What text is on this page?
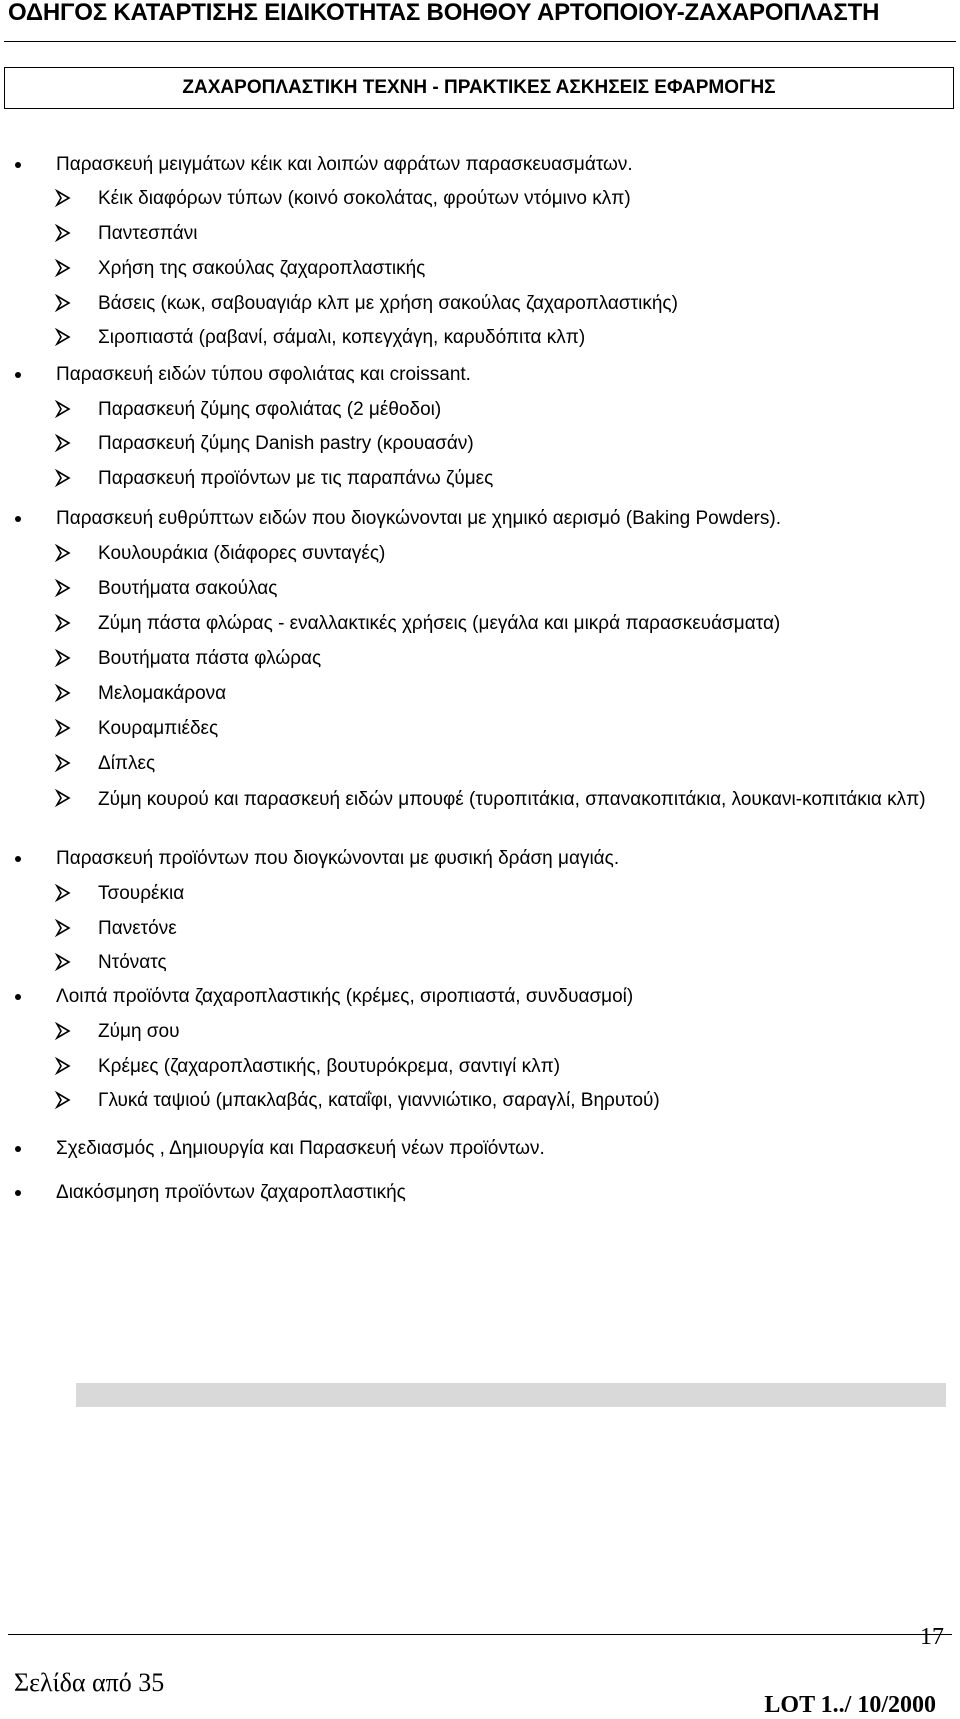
ΟΔΗΓΟΣ ΚΑΤΑΡΤΙΣΗΣ ΕΙΔΙΚΟΤΗΤΑΣ ΒΟΗΘΟΥ ΑΡΤΟΠΟΙΟΥ-ΖΑΧΑΡΟΠΛΑΣΤΗ
ΖΑΧΑΡΟΠΛΑΣΤΙΚΗ ΤΕΧΝΗ - ΠΡΑΚΤΙΚΕΣ ΑΣΚΗΣΕΙΣ ΕΦΑΡΜΟΓΗΣ
Παρασκευή μειγμάτων κέικ και λοιπών αφράτων παρασκευασμάτων.
Κέικ διαφόρων τύπων (κοινό σοκολάτας, φρούτων ντόμινο κλπ)
Παντεσπάνι
Χρήση της σακούλας ζαχαροπλαστικής
Βάσεις (κωκ, σαβουαγιάρ κλπ με χρήση σακούλας ζαχαροπλαστικής)
Σιροπιαστά (ραβανί, σάμαλι, κοπεγχάγη, καρυδόπιτα κλπ)
Παρασκευή ειδών τύπου σφολιάτας και croissant.
Παρασκευή ζύμης σφολιάτας (2 μέθοδοι)
Παρασκευή ζύμης Danish pastry (κρουασάν)
Παρασκευή προϊόντων με τις παραπάνω ζύμες
Παρασκευή ευθρύπτων ειδών που διογκώνονται με χημικό αερισμό (Baking Powders).
Κουλουράκια (διάφορες συνταγές)
Βουτήματα σακούλας
Ζύμη πάστα φλώρας - εναλλακτικές χρήσεις (μεγάλα και μικρά παρασκευάσματα)
Βουτήματα πάστα φλώρας
Μελομακάρονα
Κουραμπιέδες
Δίπλες
Ζύμη κουρού και παρασκευή ειδών μπουφέ (τυροπιτάκια, σπανακοπιτάκια, λουκανι-κοπιτάκια κλπ)
Παρασκευή προϊόντων που διογκώνονται με φυσική δράση μαγιάς.
Τσουρέκια
Πανετόνε
Ντόνατς
Λοιπά προϊόντα ζαχαροπλαστικής (κρέμες, σιροπιαστά, συνδυασμοί)
Ζύμη σου
Κρέμες (ζαχαροπλαστικής, βουτυρόκρεμα, σαντιγί κλπ)
Γλυκά ταψιού (μπακλαβάς, καταΐφι, γιαννιώτικο, σαραγλί, Βηρυτού)
Σχεδιασμός , Δημιουργία και Παρασκευή νέων προϊόντων.
Διακόσμηση προϊόντων ζαχαροπλαστικής
17
Σελίδα από 35
LOT 1../ 10/2000
